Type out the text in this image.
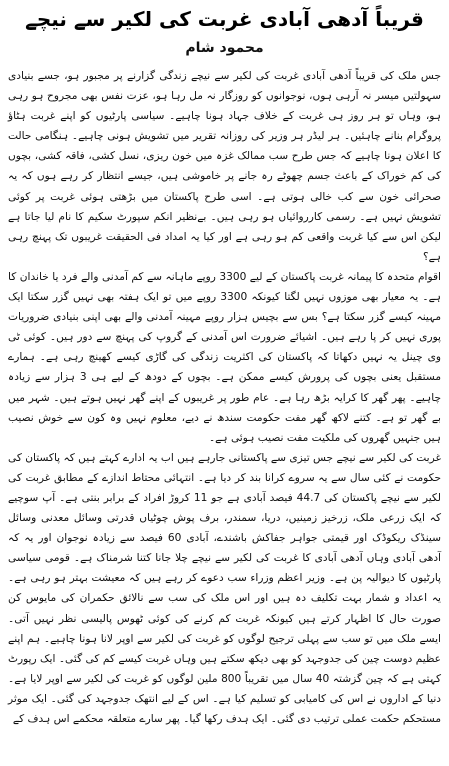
قریباً آدھی آبادی غربت کی لکیر سے نیچے
محمود شام

جس ملک کی قریباً آدھی آبادی غربت کی لکیر سے نیچے زندگی گزارنے پر مجبور ہو، جسے بنیادی سہولتیں میسر نہ آرہی ہوں، نوجوانوں کو روزگار نہ مل رہا ہو، عزت نفس بھی مجروح ہو رہی ہو، وہاں تو ہر روز ہی غربت کے خلاف جہاد ہونا چاہیے۔ سیاسی پارٹیوں کو اپنے غربت ہٹاؤ پروگرام بنانے چاہئیں۔ ہر لیڈر ہر وزیر کی روزانہ تقریر میں تشویش ہونی چاہیے۔ ہنگامی حالت کا اعلان ہونا چاہیے کہ جس طرح سب ممالک غزہ میں خون ریزی، نسل کشی، فاقہ کشی، بچوں کی کم خوراک کے باعث جسم چھوٹے رہ جانے پر خاموشی ہیں، جیسے انتظار کر رہے ہوں کہ یہ صحرائی خون سے کب خالی ہوتی ہے۔ اسی طرح پاکستان میں بڑھتی ہوئی غربت پر کوئی تشویش نہیں ہے۔ رسمی کارروائیاں ہو رہی ہیں۔ بےنظیر انکم سپورٹ سکیم کا نام لیا جاتا ہے لیکن اس سے کیا غربت واقعی کم ہو رہی ہے اور کیا یہ امداد فی الحقیقت غریبوں تک پہنچ رہی ہے؟

اقوام متحدہ کا پیمانہ غربت پاکستان کے لیے 3300 روپے ماہانہ سے کم آمدنی والے فرد یا خاندان کا ہے۔ یہ معیار بھی موزوں نہیں لگتا کیونکہ 3300 روپے میں تو ایک ہفتہ بھی نہیں گزر سکتا ایک مہینہ کیسے گزر سکتا ہے؟ بس سے بچیس ہزار روپے مہینہ آمدنی والے بھی اپنی بنیادی ضروریات پوری نہیں کر پا رہے ہیں۔ اشیائے ضرورت اس آمدنی کے گروپ کی پہنچ سے دور ہیں۔ کوئی ٹی وی چینل یہ نہیں دکھاتا کہ پاکستان کی اکثریت زندگی کی گاڑی کیسے کھینچ رہی ہے۔ ہمارے مستقبل یعنی بچوں کی پرورش کیسے ممکن ہے۔ بچوں کے دودھ کے لیے ہی 3 ہزار سے زیادہ چاہیے۔ پھر گھر کا کرایہ بڑھ رہا ہے۔ عام طور پر غریبوں کے اپنے گھر نہیں ہوتے ہیں۔ شہر میں بے گھر تو ہے۔ کتنے لاکھ گھر مفت حکومت سندھ نے دیے، معلوم نہیں وہ کون سے خوش نصیب ہیں جنہیں گھروں کی ملکیت مفت نصیب ہوئی ہے۔

غربت کی لکیر سے نیچے جس تیزی سے پاکستانی جارہے ہیں اب یہ ادارے کہتے ہیں کہ پاکستان کی حکومت نے کئی سال سے یہ سروے کرانا بند کر دیا ہے۔ انتہائی محتاط اندازے کے مطابق غربت کی لکیر سے نیچے پاکستان کی 44.7 فیصد آبادی ہے جو 11 کروڑ افراد کے برابر بنتی ہے۔ آپ سوچیے کہ ایک زرعی ملک، زرخیز زمینیں، دریا، سمندر، برف پوش چوٹیاں قدرتی وسائل معدنی وسائل سینڈک ریکوڈک اور قیمتی جواہر جفاکش باشندے، آبادی 60 فیصد سے زیادہ نوجوان اور یہ کہ آدھی آبادی وہاں آدھی آبادی کا غربت کی لکیر سے نیچے چلا جانا کتنا شرمناک ہے۔ قومی سیاسی پارٹیوں کا دیوالیہ پن ہے۔ وزیر اعظم وزراء سب دعوے کر رہے ہیں کہ معیشت بہتر ہو رہی ہے۔ یہ اعداد و شمار بہت تکلیف دہ ہیں اور اس ملک کی سب سے نالائق حکمران کی مایوس کن صورت حال کا اظہار کرتے ہیں کیونکہ غربت کم کرنے کی کوئی ٹھوس پالیسی نظر نہیں آتی۔ ایسے ملک میں تو سب سے پہلی ترجیح لوگوں کو غربت کی لکیر سے اوپر لانا ہونا چاہیے۔ ہم اپنے عظیم دوست چین کی جدوجہد کو بھی دیکھ سکتے ہیں وہاں غربت کیسے کم کی گئی۔ ایک رپورٹ کہتی ہے کہ چین گزشتہ 40 سال میں تقریباً 800 ملین لوگوں کو غربت کی لکیر سے اوپر لایا ہے۔ دنیا کے اداروں نے اس کی کامیابی کو تسلیم کیا ہے۔ اس کے لیے انتھک جدوجہد کی گئی۔ ایک موثر مستحکم حکمت عملی ترتیب دی گئی۔ ایک ہدف رکھا گیا۔ پھر سارے متعلقہ محکمے اس ہدف کے
